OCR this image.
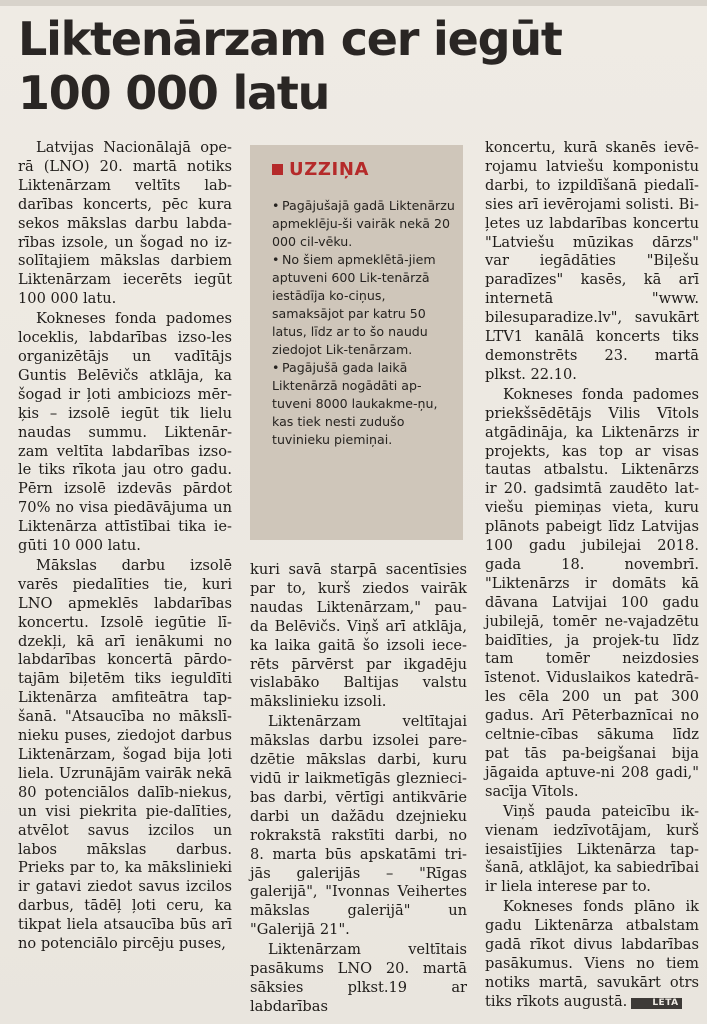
Liktenārzam cer iegūt 100 000 latu

Latvijas Nacionālajā ope-rā (LNO) 20. martā notiks Liktenārzam veltīts lab-darības koncerts, pēc kura sekos mākslas darbu labda-rības izsole, un šogad no iz-solītajiem mākslas darbiem Liktenārzam iecerēts iegūt 100 000 latu.

Kokneses fonda padomes loceklis, labdarības izso-les organizētājs un vadītājs Guntis Belēvičs atklāja, ka šogad ir ļoti ambiciozs mēr-ķis – izsolē iegūt tik lielu naudas summu. Liktenār-zam veltīta labdarības izso-le tiks rīkota jau otro gadu. Pērn izsolē izdevās pārdot 70% no visa piedāvājuma un Liktenārza attīstībai tika ie-gūti 10 000 latu.

Mākslas darbu izsolē varēs piedalīties tie, kuri LNO apmeklēs labdarības koncertu. Izsolē iegūtie lī-dzekļi, kā arī ienākumi no labdarības koncertā pārdo-tajām biļetēm tiks ieguldīti Liktenārza amfiteātra tap-šanā. "Atsaucība no mākslī-nieku puses, ziedojot darbus Liktenārzam, šogad bija ļoti liela. Uzrunājām vairāk nekā 80 potenciālos dalīb-niekus, un visi piekrita pie-dalīties, atvēlot savus izcilos un labos mākslas darbus. Prieks par to, ka mākslinieki ir gatavi ziedot savus izcilos darbus, tādēļ ļoti ceru, ka tikpat liela atsaucība būs arī no potenciālo pircēju puses,

UZZIŅA

• Pagājušajā gadā Liktenārzu apmeklēju-ši vairāk nekā 20 000 cil-vēku.

• No šiem apmeklētā-jiem aptuveni 600 Lik-tenārzā iestādīja ko-ciņus, samaksājot par katru 50 latus, līdz ar to šo naudu ziedojot Lik-tenārzam.

• Pagājušā gada laikā Liktenārzā nogādāti ap-tuveni 8000 laukakme-ņu, kas tiek nesti zudušo tuvinieku piemiņai.

kuri savā starpā sacentīsies par to, kurš ziedos vairāk naudas Liktenārzam," pau-da Belēvičs. Viņš arī atklāja, ka laika gaitā šo izsoli iece-rēts pārvērst par ikgadēju vislabāko Baltijas valstu mākslinieku izsoli.

Liktenārzam veltītajai mākslas darbu izsolei pare-dzētie mākslas darbi, kuru vidū ir laikmetīgās gleznieci-bas darbi, vērtīgi antikvārie darbi un dažādu dzejnieku rokrakstā rakstīti darbi, no 8. marta būs apskatāmi tri-jās galerijās – "Rīgas galerijā", "Ivonnas Veihertes mākslas galerijā" un "Galerijā 21".

Liktenārzam veltītais pasākums LNO 20. martā sāksies plkst.19 ar labdarības

koncertu, kurā skanēs ievē-rojamu latviešu komponistu darbi, to izpildīšanā piedalī-sies arī ievērojami solisti. Bi-ļetes uz labdarības koncertu "Latviešu mūzikas dārzs" var iegādāties "Biļešu paradīzes" kasēs, kā arī internetā "www. bilesuparadize.lv", savukārt LTV1 kanālā koncerts tiks demonstrēts 23. martā plkst. 22.10.

Kokneses fonda padomes priekšsēdētājs Vilis Vītols atgādināja, ka Liktenārzs ir projekts, kas top ar visas tautas atbalstu. Liktenārzs ir 20. gadsimtā zaudēto lat-viešu piemiņas vieta, kuru plānots pabeigt līdz Latvijas 100 gadu jubilejai 2018. gada 18. novembrī. "Liktenārzs ir domāts kā dāvana Latvijai 100 gadu jubilejā, tomēr ne-vajadzētu baidīties, ja projek-tu līdz tam tomēr neizdosies īstenot. Viduslaikos katedrā-les cēla 200 un pat 300 gadus. Arī Pēterbaznīcai no celtnie-cības sākuma līdz pat tās pa-beigšanai bija jāgaida aptuve-ni 208 gadi," sacīja Vītols.

Viņš pauda pateicību ik-vienam iedzīvotājam, kurš iesaistījies Liktenārza tap-šanā, atklājot, ka sabiedrībai ir liela interese par to.

Kokneses fonds plāno ik gadu Liktenārza atbalstam gadā rīkot divus labdarības pasākumus. Viens no tiem notiks martā, savukārt otrs tiks rīkots augustā.	LETA
